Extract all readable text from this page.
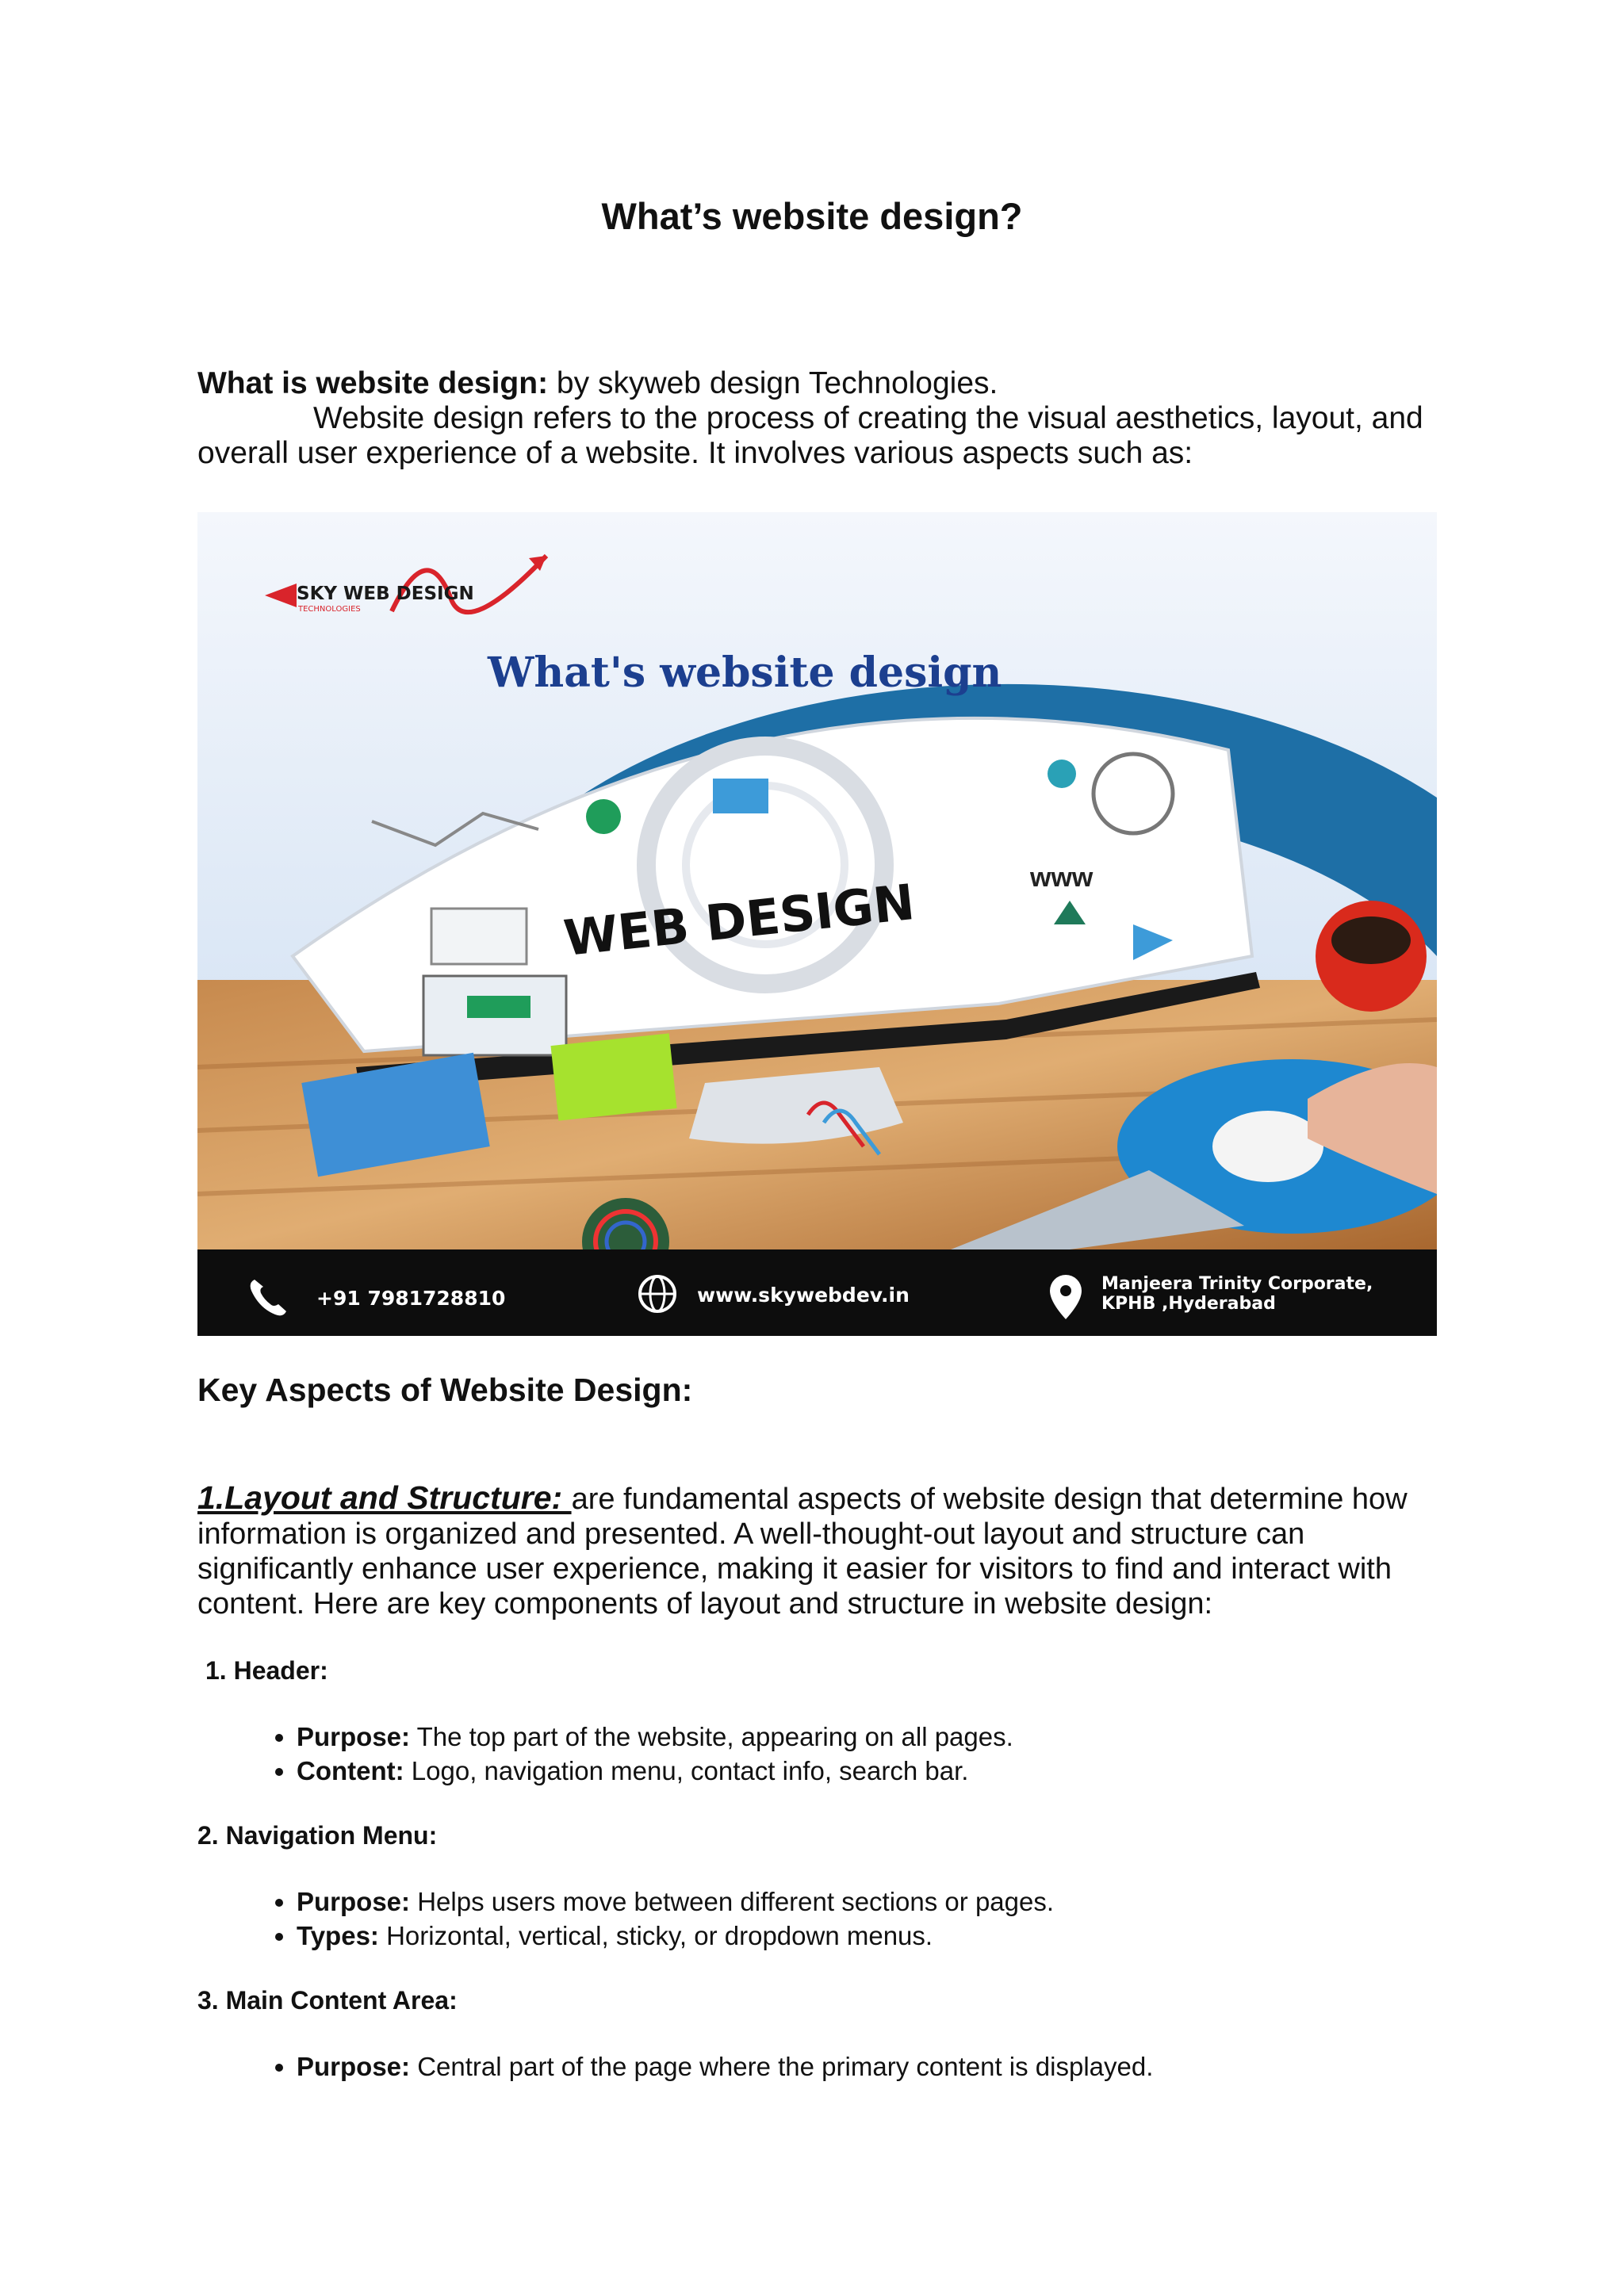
What’s website design?

What is website design: by skyweb design Technologies.

Website design refers to the process of creating the visual aesthetics, layout, and overall user experience of a website. It involves various aspects such as:

www
WEB DESIGN
SKY WEB DESIGN
TECHNOLOGIES
What's website design
+91 7981728810	www.skywebdev.in	Manjeera Trinity Corporate,
KPHB ,Hyderabad
Key Aspects of Website Design:

1.Layout and Structure: are fundamental aspects of website design that determine how information is organized and presented. A well-thought-out layout and structure can significantly enhance user experience, making it easier for visitors to find and interact with content. Here are key components of layout and structure in website design:

1. Header:

• Purpose: The top part of the website, appearing on all pages.
• Content: Logo, navigation menu, contact info, search bar.

2. Navigation Menu:

• Purpose: Helps users move between different sections or pages.
• Types: Horizontal, vertical, sticky, or dropdown menus.

3. Main Content Area:

• Purpose: Central part of the page where the primary content is displayed.
